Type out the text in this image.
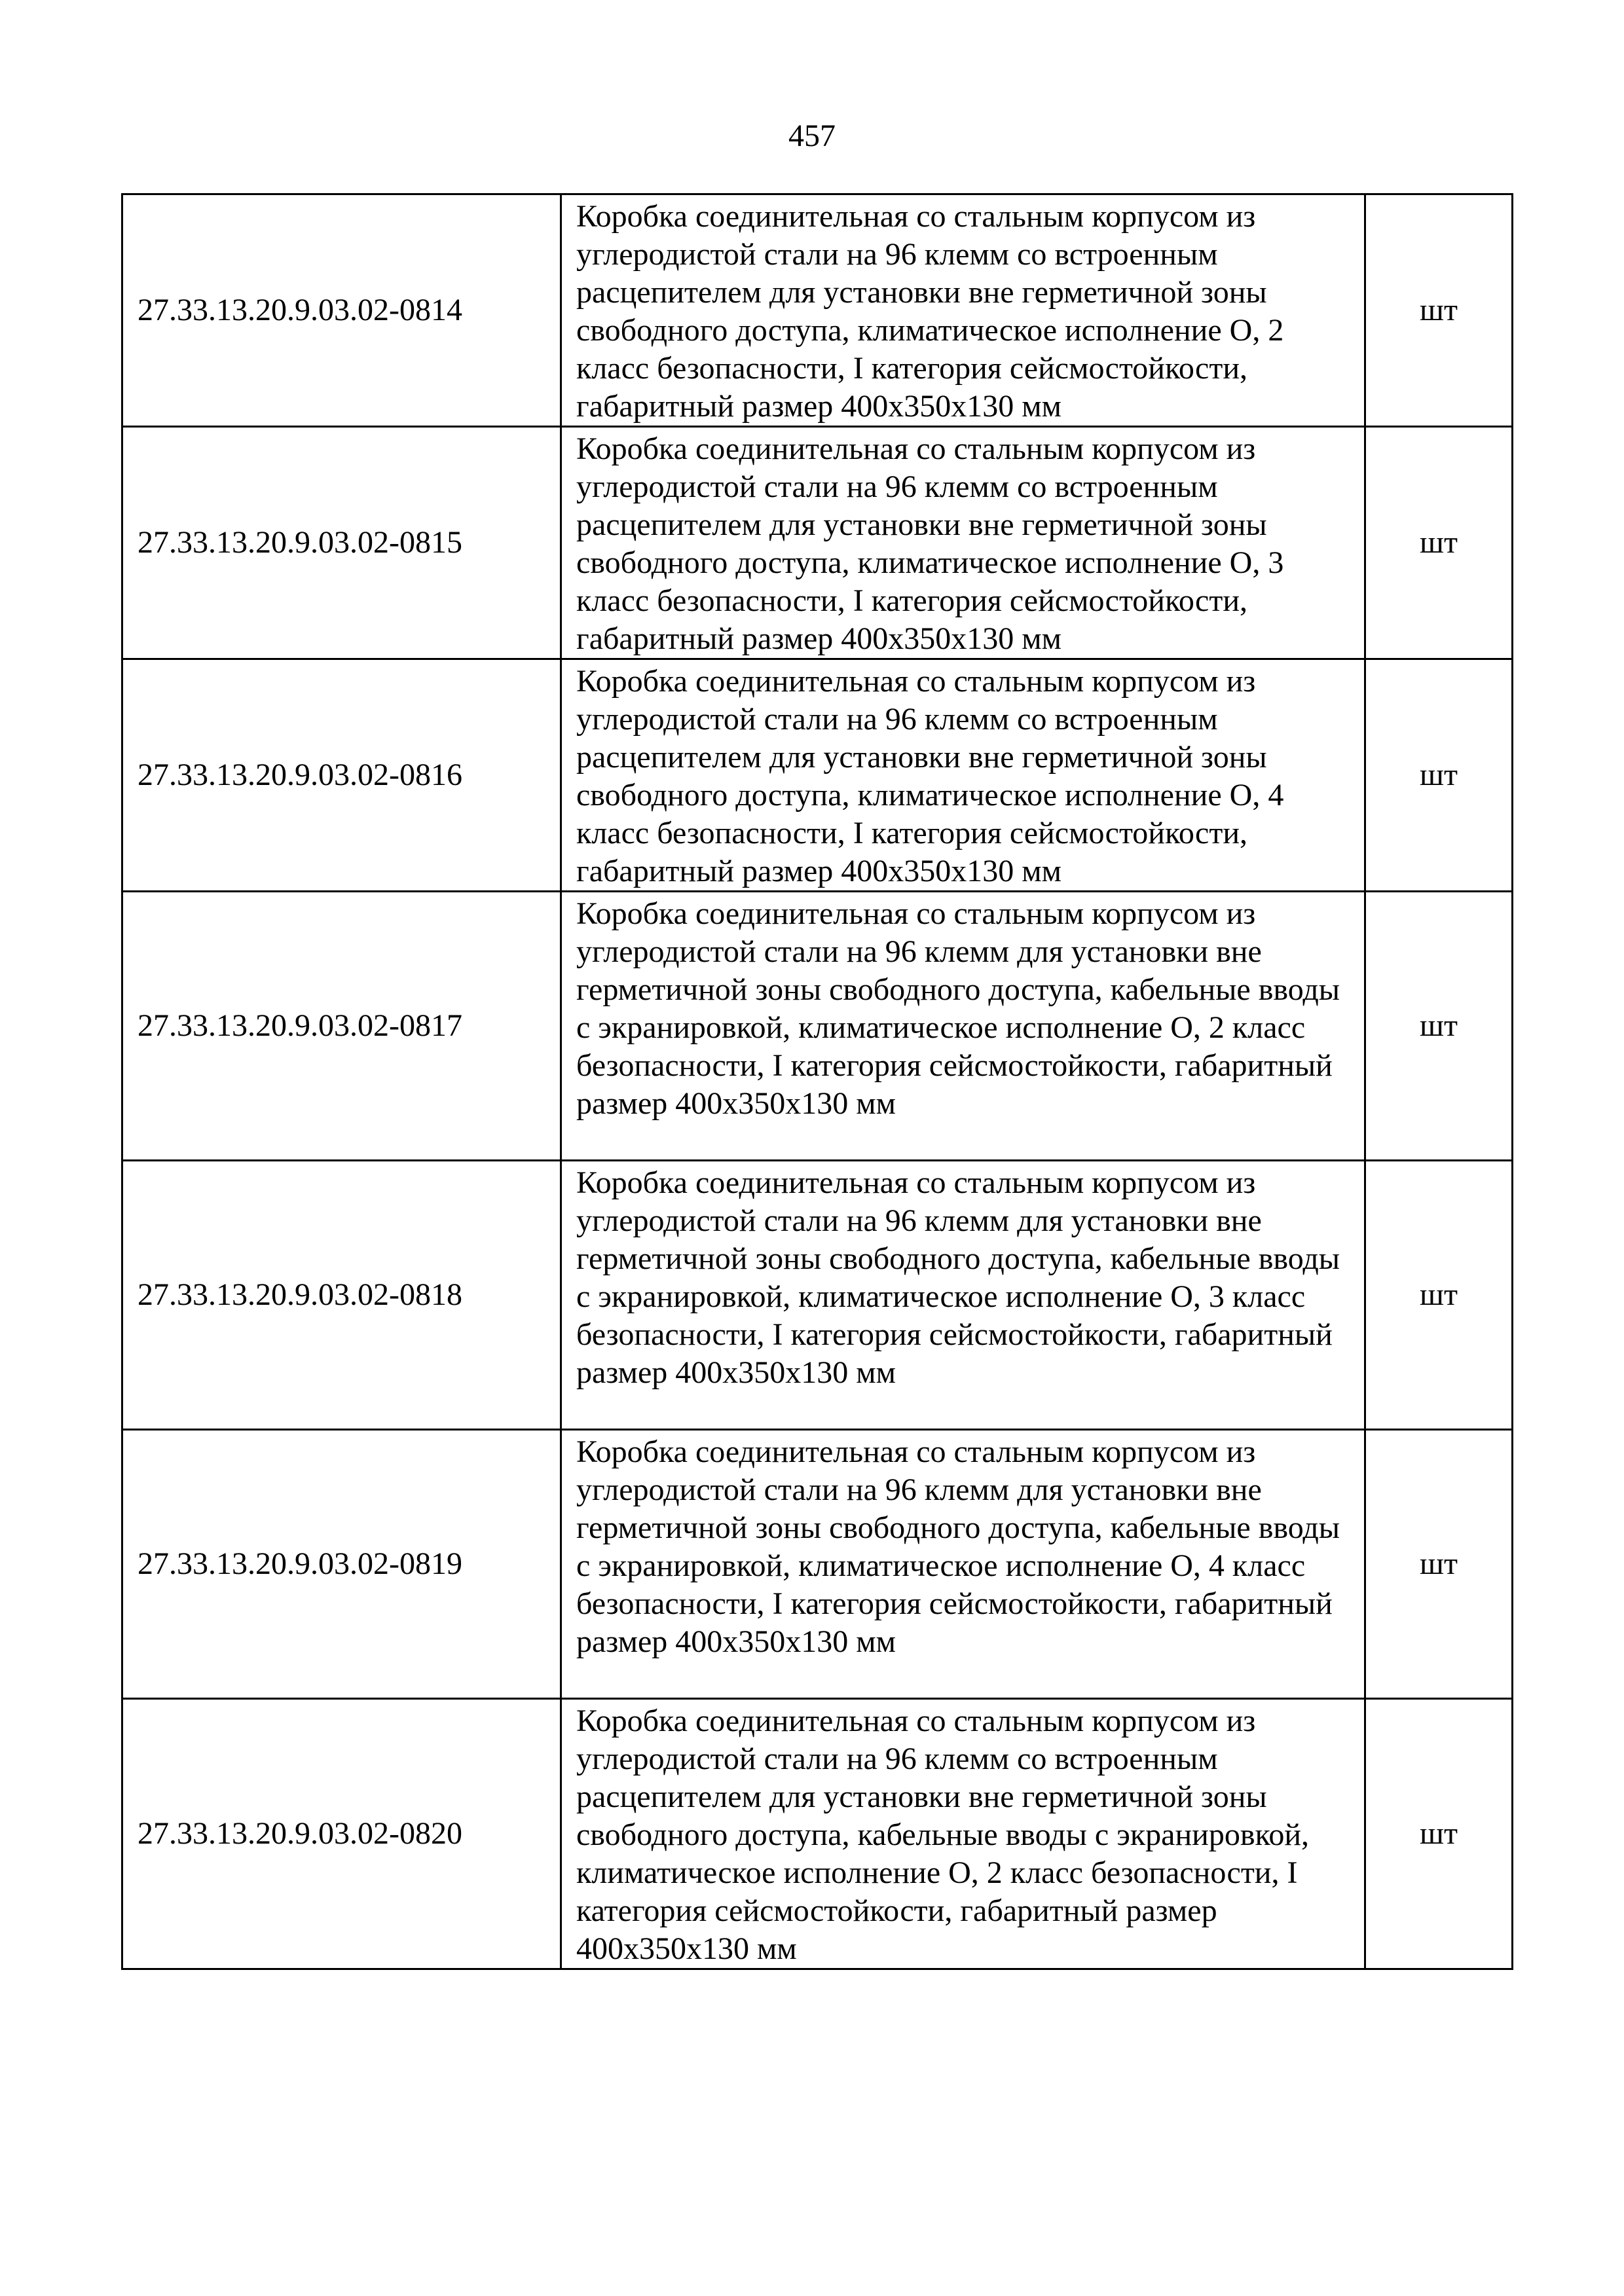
457
27.33.13.20.9.03.02-0814	Коробка соединительная со стальным корпусом из углеродистой стали на 96 клемм со встроенным расцепителем для установки вне герметичной зоны свободного доступа, климатическое исполнение О, 2 класс безопасности, I категория сейсмостойкости, габаритный размер 400x350x130 мм	шт
27.33.13.20.9.03.02-0815	Коробка соединительная со стальным корпусом из углеродистой стали на 96 клемм со встроенным расцепителем для установки вне герметичной зоны свободного доступа, климатическое исполнение О, 3 класс безопасности, I категория сейсмостойкости, габаритный размер 400x350x130 мм	шт
27.33.13.20.9.03.02-0816	Коробка соединительная со стальным корпусом из углеродистой стали на 96 клемм со встроенным расцепителем для установки вне герметичной зоны свободного доступа, климатическое исполнение О, 4 класс безопасности, I категория сейсмостойкости, габаритный размер 400x350x130 мм	шт
27.33.13.20.9.03.02-0817	Коробка соединительная со стальным корпусом из углеродистой стали на 96 клемм для установки вне герметичной зоны свободного доступа, кабельные вводы с экранировкой, климатическое исполнение О, 2 класс безопасности, I категория сейсмостойкости, габаритный размер 400x350x130 мм	шт
27.33.13.20.9.03.02-0818	Коробка соединительная со стальным корпусом из углеродистой стали на 96 клемм для установки вне герметичной зоны свободного доступа, кабельные вводы с экранировкой, климатическое исполнение О, 3 класс безопасности, I категория сейсмостойкости, габаритный размер 400x350x130 мм	шт
27.33.13.20.9.03.02-0819	Коробка соединительная со стальным корпусом из углеродистой стали на 96 клемм для установки вне герметичной зоны свободного доступа, кабельные вводы с экранировкой, климатическое исполнение О, 4 класс безопасности, I категория сейсмостойкости, габаритный размер 400x350x130 мм	шт
27.33.13.20.9.03.02-0820	Коробка соединительная со стальным корпусом из углеродистой стали на 96 клемм со встроенным расцепителем для установки вне герметичной зоны свободного доступа, кабельные вводы с экранировкой, климатическое исполнение О, 2 класс безопасности, I категория сейсмостойкости, габаритный размер 400x350x130 мм	шт
